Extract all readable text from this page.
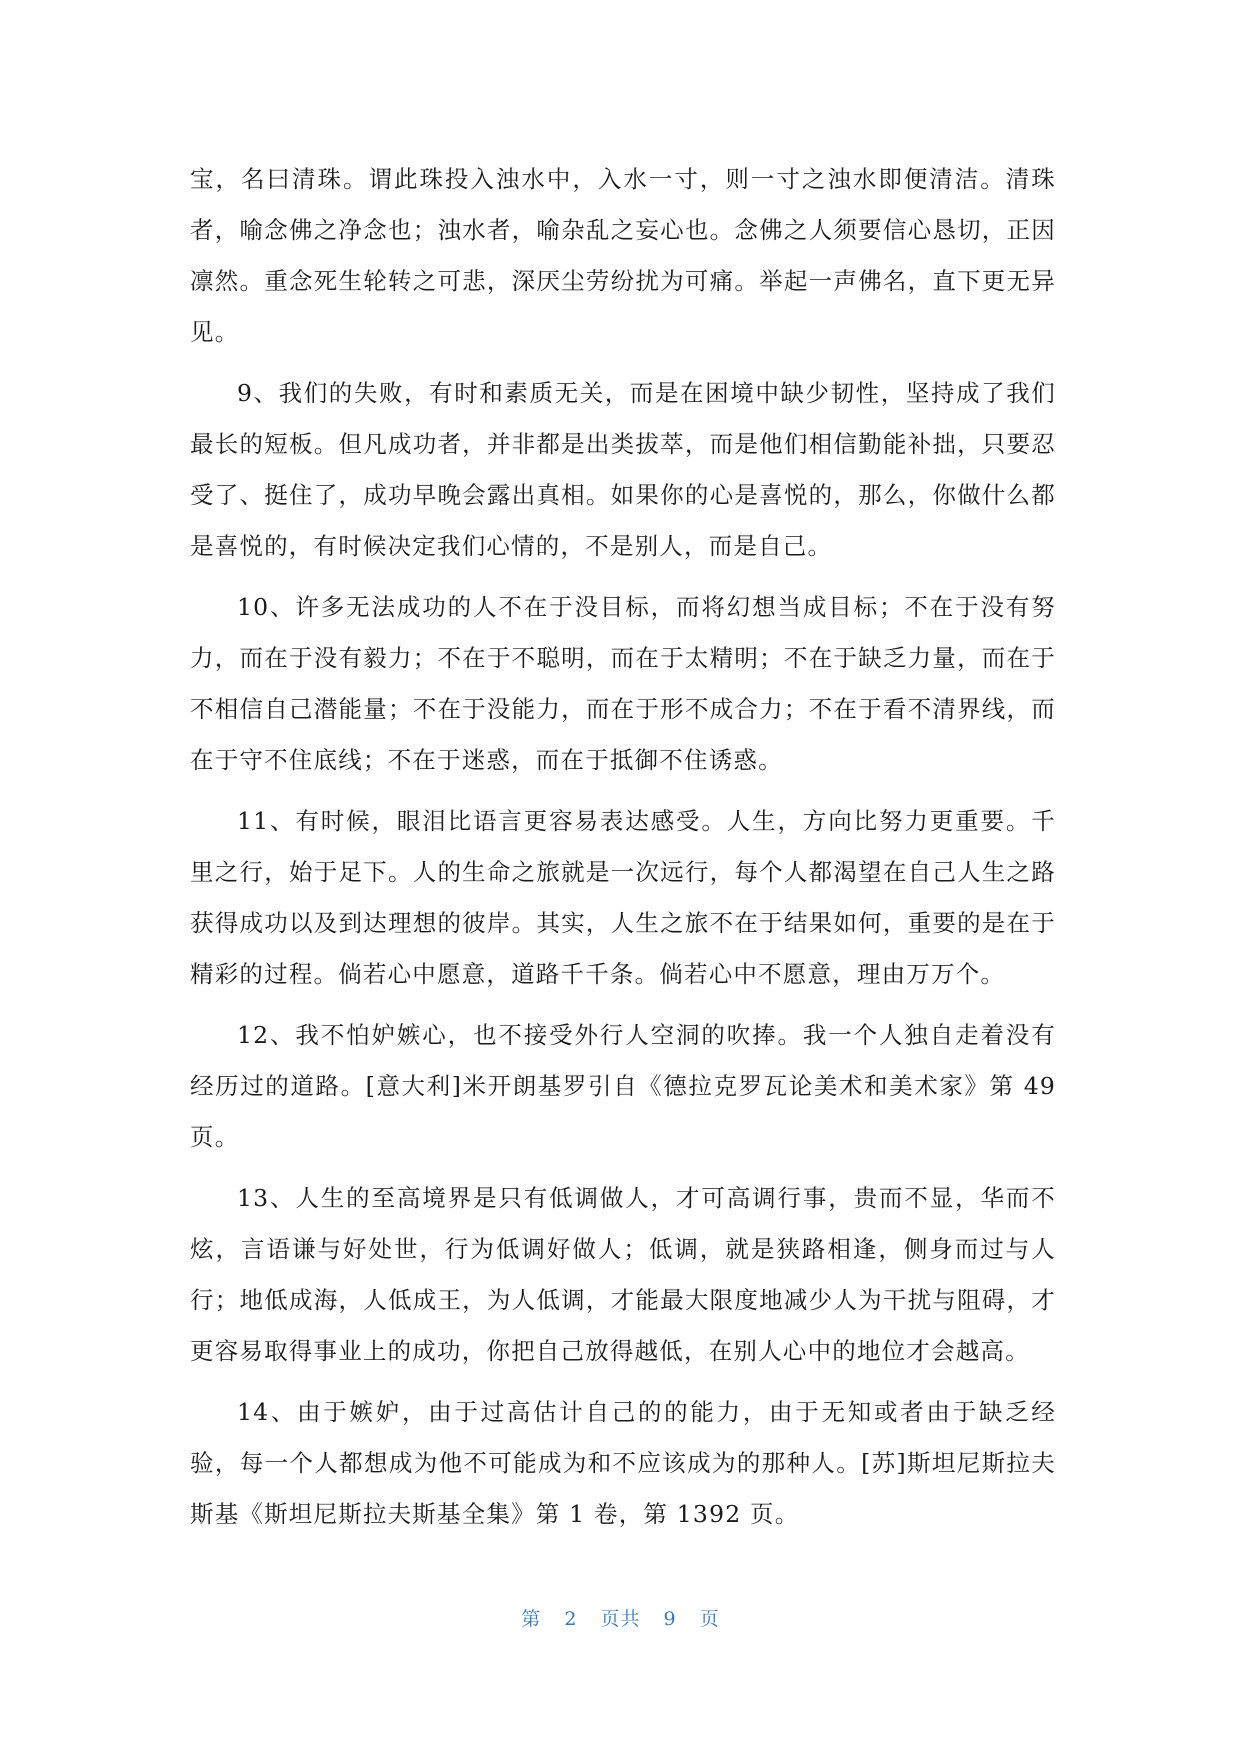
宝，名曰清珠。谓此珠投入浊水中，入水一寸，则一寸之浊水即便清洁。清珠者，喻念佛之净念也；浊水者，喻杂乱之妄心也。念佛之人须要信心恳切，正因凛然。重念死生轮转之可悲，深厌尘劳纷扰为可痛。举起一声佛名，直下更无异见。

9、我们的失败，有时和素质无关，而是在困境中缺少韧性，坚持成了我们最长的短板。但凡成功者，并非都是出类拔萃，而是他们相信勤能补拙，只要忍受了、挺住了，成功早晚会露出真相。如果你的心是喜悦的，那么，你做什么都是喜悦的，有时候决定我们心情的，不是别人，而是自己。

10、许多无法成功的人不在于没目标，而将幻想当成目标；不在于没有努力，而在于没有毅力；不在于不聪明，而在于太精明；不在于缺乏力量，而在于不相信自己潜能量；不在于没能力，而在于形不成合力；不在于看不清界线，而在于守不住底线；不在于迷惑，而在于抵御不住诱惑。

11、有时候，眼泪比语言更容易表达感受。人生，方向比努力更重要。千里之行，始于足下。人的生命之旅就是一次远行，每个人都渴望在自己人生之路获得成功以及到达理想的彼岸。其实，人生之旅不在于结果如何，重要的是在于精彩的过程。倘若心中愿意，道路千千条。倘若心中不愿意，理由万万个。

12、我不怕妒嫉心，也不接受外行人空洞的吹捧。我一个人独自走着没有经历过的道路。[意大利]米开朗基罗引自《德拉克罗瓦论美术和美术家》第 49 页。

13、人生的至高境界是只有低调做人，才可高调行事，贵而不显，华而不炫，言语谦与好处世，行为低调好做人；低调，就是狭路相逢，侧身而过与人行；地低成海，人低成王，为人低调，才能最大限度地减少人为干扰与阻碍，才更容易取得事业上的成功，你把自己放得越低，在别人心中的地位才会越高。

14、由于嫉妒，由于过高估计自己的的能力，由于无知或者由于缺乏经验，每一个人都想成为他不可能成为和不应该成为的那种人。[苏]斯坦尼斯拉夫斯基《斯坦尼斯拉夫斯基全集》第 1 卷，第 1392 页。

第 2 页共 9 页
